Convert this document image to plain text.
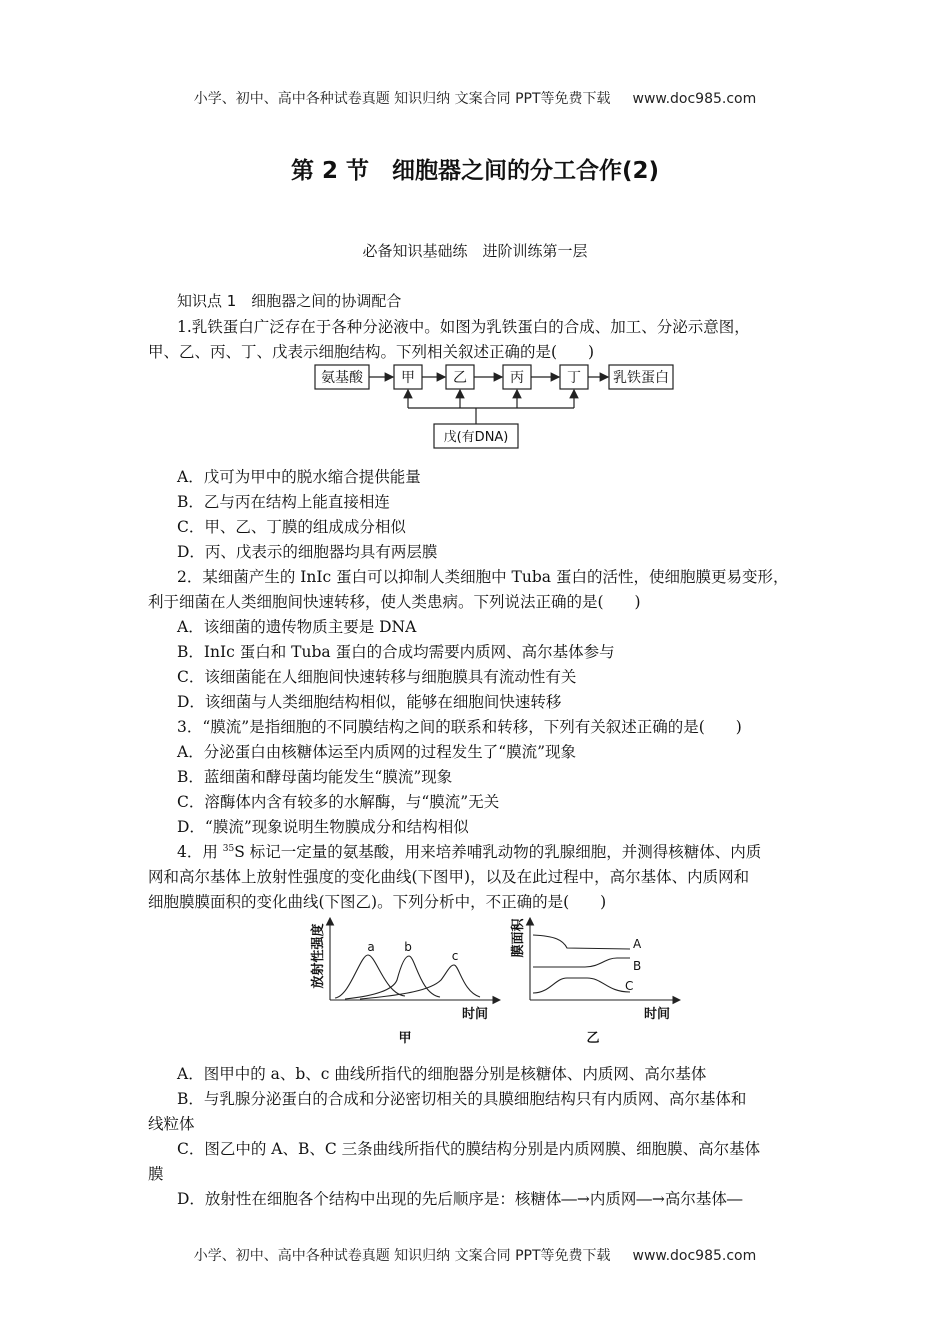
小学、初中、高中各种试卷真题 知识归纳 文案合同 PPT等免费下载 www.doc985.com
第 2 节　细胞器之间的分工合作(2)
必备知识基础练　进阶训练第一层
知识点 1　细胞器之间的协调配合
1.乳铁蛋白广泛存在于各种分泌液中。如图为乳铁蛋白的合成、加工、分泌示意图，
甲、乙、丙、丁、戊表示细胞结构。下列相关叙述正确的是(　　)
氨基酸	甲	乙	丙	丁 乳铁蛋白
戊(有DNA)
A．戊可为甲中的脱水缩合提供能量
B．乙与丙在结构上能直接相连
C．甲、乙、丁膜的组成成分相似
D．丙、戊表示的细胞器均具有两层膜
2．某细菌产生的 InIc 蛋白可以抑制人类细胞中 Tuba 蛋白的活性，使细胞膜更易变形，
利于细菌在人类细胞间快速转移，使人类患病。下列说法正确的是(　　)
A．该细菌的遗传物质主要是 DNA
B．InIc 蛋白和 Tuba 蛋白的合成均需要内质网、高尔基体参与
C．该细菌能在人细胞间快速转移与细胞膜具有流动性有关
D．该细菌与人类细胞结构相似，能够在细胞间快速转移
3．“膜流”是指细胞的不同膜结构之间的联系和转移，下列有关叙述正确的是(　　)
A．分泌蛋白由核糖体运至内质网的过程发生了“膜流”现象
B．蓝细菌和酵母菌均能发生“膜流”现象
C．溶酶体内含有较多的水解酶，与“膜流”无关
D．“膜流”现象说明生物膜成分和结构相似
4．用 $^{35}$S 标记一定量的氨基酸，用来培养哺乳动物的乳腺细胞，并测得核糖体、内质
网和高尔基体上放射性强度的变化曲线(下图甲)，以及在此过程中，高尔基体、内质网和
细胞膜膜面积的变化曲线(下图乙)。下列分析中，不正确的是(　　)
a b
c
时间
甲
放射性强度	A
B
C
时间
乙
膜面积
A．图甲中的 a、b、c 曲线所指代的细胞器分别是核糖体、内质网、高尔基体
B．与乳腺分泌蛋白的合成和分泌密切相关的具膜细胞结构只有内质网、高尔基体和
线粒体
C．图乙中的 A、B、C 三条曲线所指代的膜结构分别是内质网膜、细胞膜、高尔基体
膜
D．放射性在细胞各个结构中出现的先后顺序是：核糖体―→内质网―→高尔基体―
小学、初中、高中各种试卷真题 知识归纳 文案合同 PPT等免费下载 www.doc985.com
